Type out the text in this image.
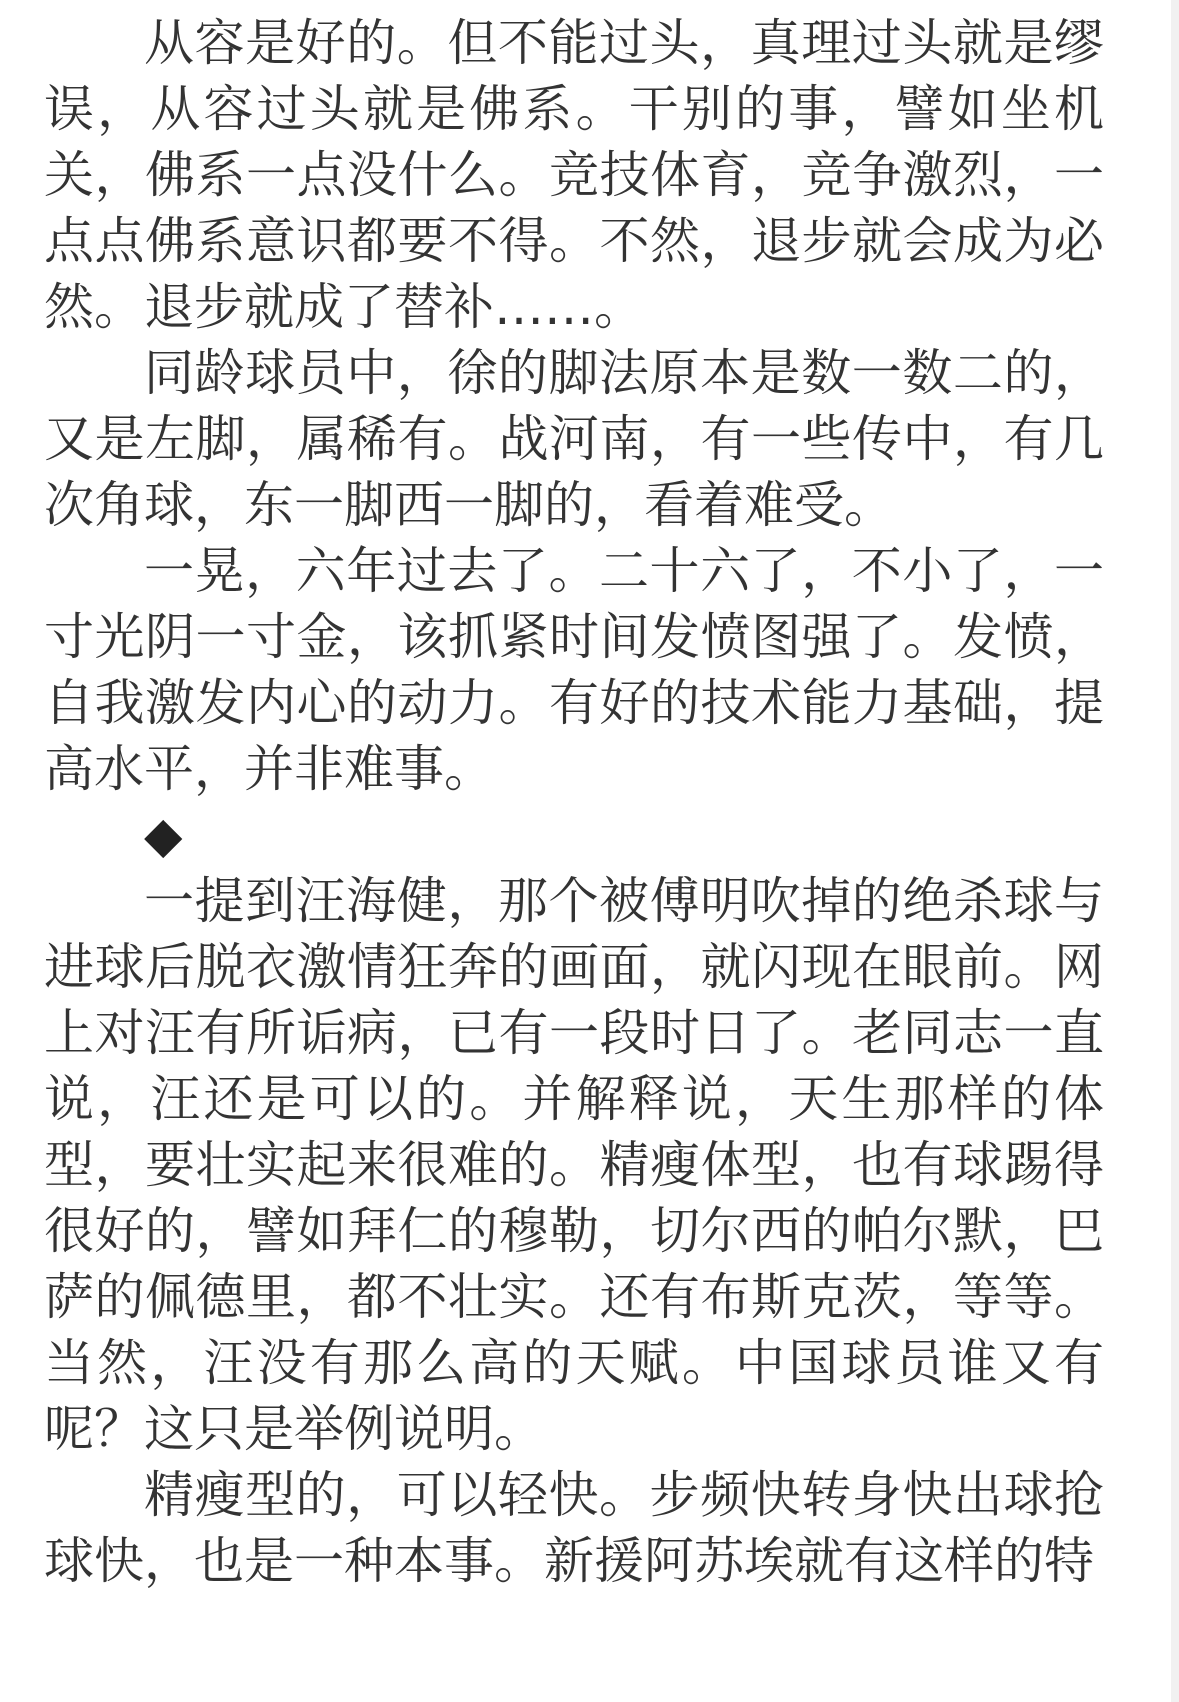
从容是好的。但不能过头，真理过头就是缪误，从容过头就是佛系。干别的事，譬如坐机关，佛系一点没什么。竞技体育，竞争激烈，一点点佛系意识都要不得。不然，退步就会成为必然。退步就成了替补……。

同龄球员中，徐的脚法原本是数一数二的，又是左脚，属稀有。战河南，有一些传中，有几次角球，东一脚西一脚的，看着难受。

一晃，六年过去了。二十六了，不小了，一寸光阴一寸金，该抓紧时间发愤图强了。发愤，自我激发内心的动力。有好的技术能力基础，提高水平，并非难事。

◆

一提到汪海健，那个被傅明吹掉的绝杀球与进球后脱衣激情狂奔的画面，就闪现在眼前。网上对汪有所诟病，已有一段时日了。老同志一直说，汪还是可以的。并解释说，天生那样的体型，要壮实起来很难的。精瘦体型，也有球踢得很好的，譬如拜仁的穆勒，切尔西的帕尔默，巴萨的佩德里，都不壮实。还有布斯克茨，等等。当然，汪没有那么高的天赋。中国球员谁又有呢？这只是举例说明。

精瘦型的，可以轻快。步频快转身快出球抢球快，也是一种本事。新援阿苏埃就有这样的特
